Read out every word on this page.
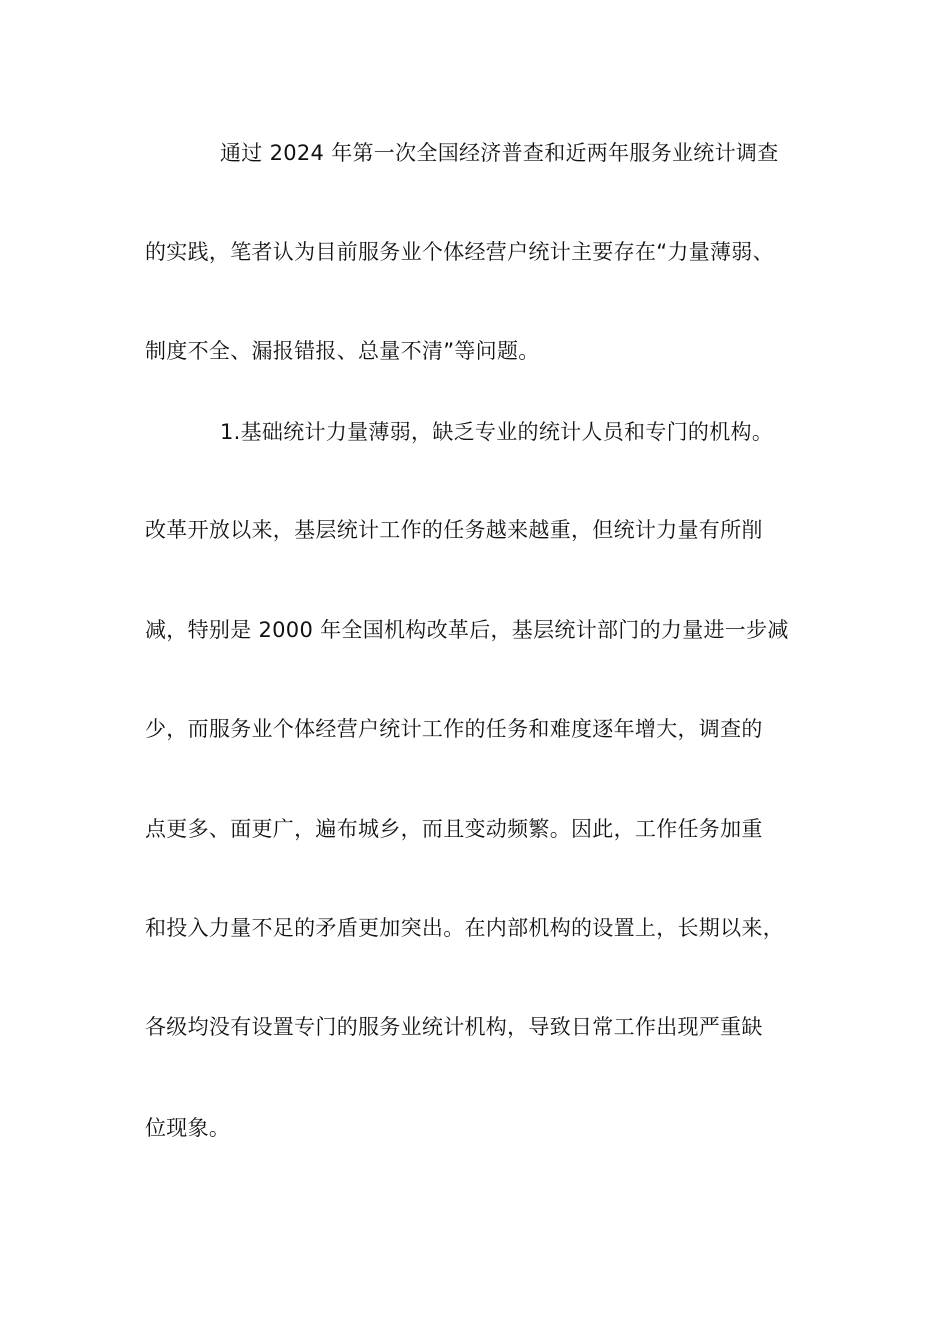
通过 2024 年第一次全国经济普查和近两年服务业统计调查
的实践，笔者认为目前服务业个体经营户统计主要存在“力量薄弱、
制度不全、漏报错报、总量不清”等问题。
1.基础统计力量薄弱，缺乏专业的统计人员和专门的机构。
改革开放以来，基层统计工作的任务越来越重，但统计力量有所削
减，特别是 2000 年全国机构改革后，基层统计部门的力量进一步减
少，而服务业个体经营户统计工作的任务和难度逐年增大，调查的
点更多、面更广，遍布城乡，而且变动频繁。因此，工作任务加重
和投入力量不足的矛盾更加突出。在内部机构的设置上，长期以来，
各级均没有设置专门的服务业统计机构，导致日常工作出现严重缺
位现象。
